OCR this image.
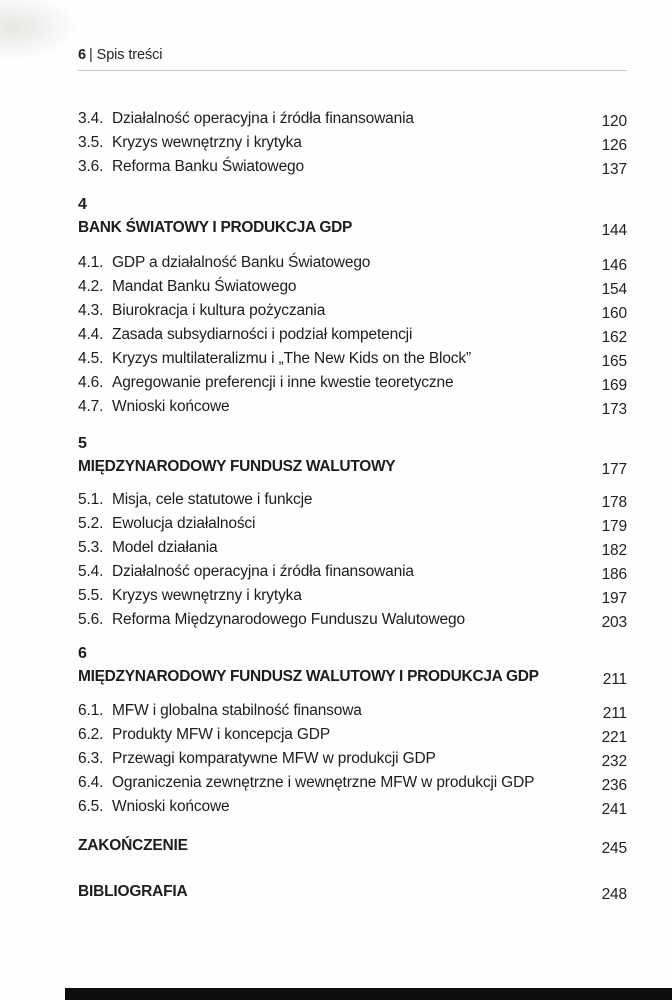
6 | Spis treści
3.4. Działalność operacyjna i źródła finansowania	120
3.5. Kryzys wewnętrzny i krytyka	126
3.6. Reforma Banku Światowego	137
4
BANK ŚWIATOWY I PRODUKCJA GDP	144
4.1. GDP a działalność Banku Światowego	146
4.2. Mandat Banku Światowego	154
4.3. Biurokracja i kultura pożyczania	160
4.4. Zasada subsydiarności i podział kompetencji	162
4.5. Kryzys multilateralizmu i „The New Kids on the Block”	165
4.6. Agregowanie preferencji i inne kwestie teoretyczne	169
4.7. Wnioski końcowe	173
5
MIĘDZYNARODOWY FUNDUSZ WALUTOWY	177
5.1. Misja, cele statutowe i funkcje	178
5.2. Ewolucja działalności	179
5.3. Model działania	182
5.4. Działalność operacyjna i źródła finansowania	186
5.5. Kryzys wewnętrzny i krytyka	197
5.6. Reforma Międzynarodowego Funduszu Walutowego	203
6
MIĘDZYNARODOWY FUNDUSZ WALUTOWY I PRODUKCJA GDP	211
6.1. MFW i globalna stabilność finansowa	211
6.2. Produkty MFW i koncepcja GDP	221
6.3. Przewagi komparatywne MFW w produkcji GDP	232
6.4. Ograniczenia zewnętrzne i wewnętrzne MFW w produkcji GDP	236
6.5. Wnioski końcowe	241
ZAKOŃCZENIE	245
BIBLIOGRAFIA	248
